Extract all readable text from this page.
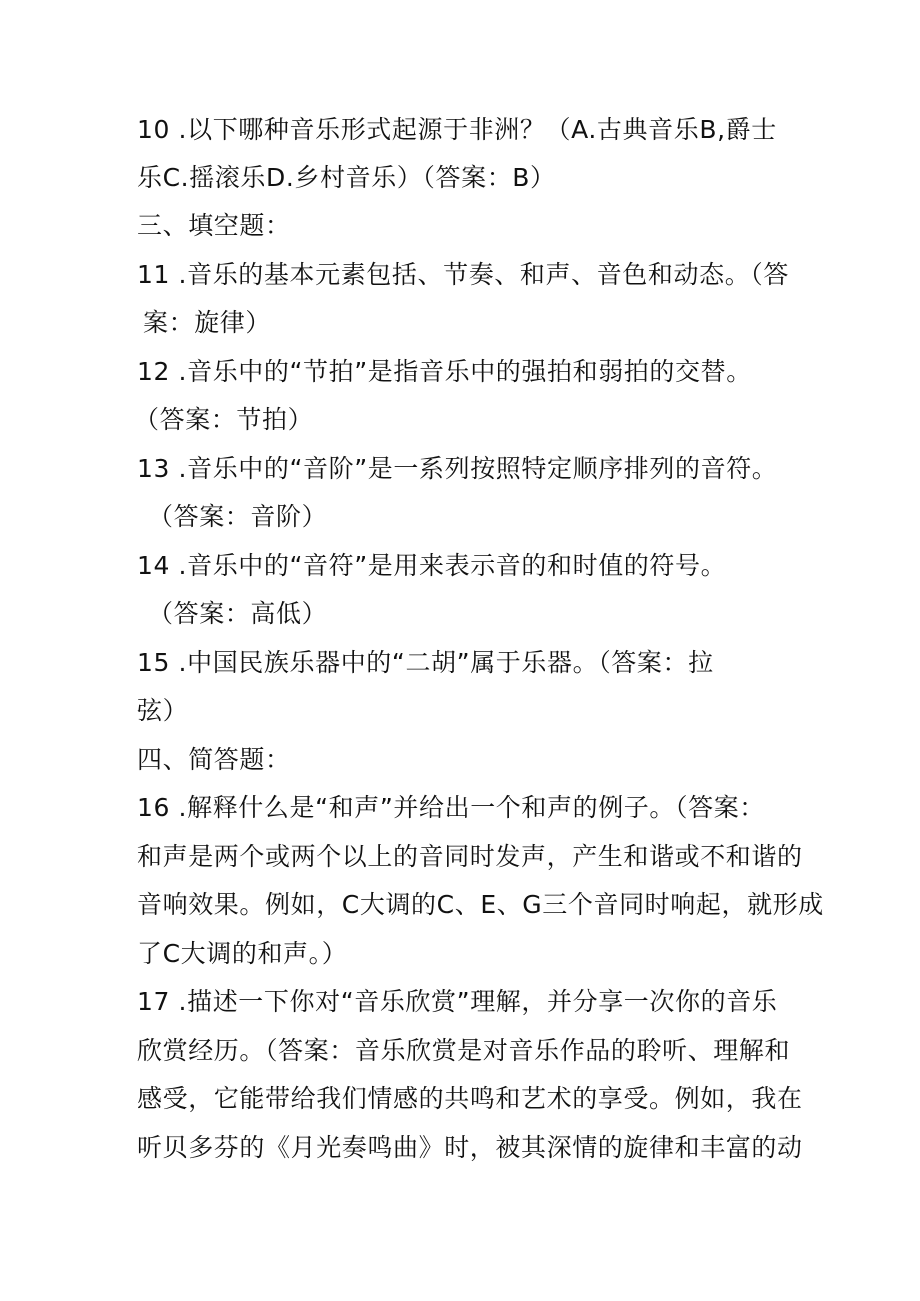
10 .以下哪种音乐形式起源于非洲？（A.古典音乐B,爵士
乐C.摇滚乐D.乡村音乐）（答案：B）
三、填空题：
11 .音乐的基本元素包括、节奏、和声、音色和动态。（答
案：旋律）
12 .音乐中的“节拍”是指音乐中的强拍和弱拍的交替。
（答案：节拍）
13 .音乐中的“音阶”是一系列按照特定顺序排列的音符。
（答案：音阶）
14 .音乐中的“音符”是用来表示音的和时值的符号。
（答案：高低）
15 .中国民族乐器中的“二胡”属于乐器。（答案：拉
弦）
四、简答题：
16 .解释什么是“和声”并给出一个和声的例子。（答案：
和声是两个或两个以上的音同时发声，产生和谐或不和谐的
音响效果。例如，C大调的C、E、G三个音同时响起，就形成
了C大调的和声。）
17 .描述一下你对“音乐欣赏”理解，并分享一次你的音乐
欣赏经历。（答案：音乐欣赏是对音乐作品的聆听、理解和
感受，它能带给我们情感的共鸣和艺术的享受。例如，我在
听贝多芬的《月光奏鸣曲》时，被其深情的旋律和丰富的动
